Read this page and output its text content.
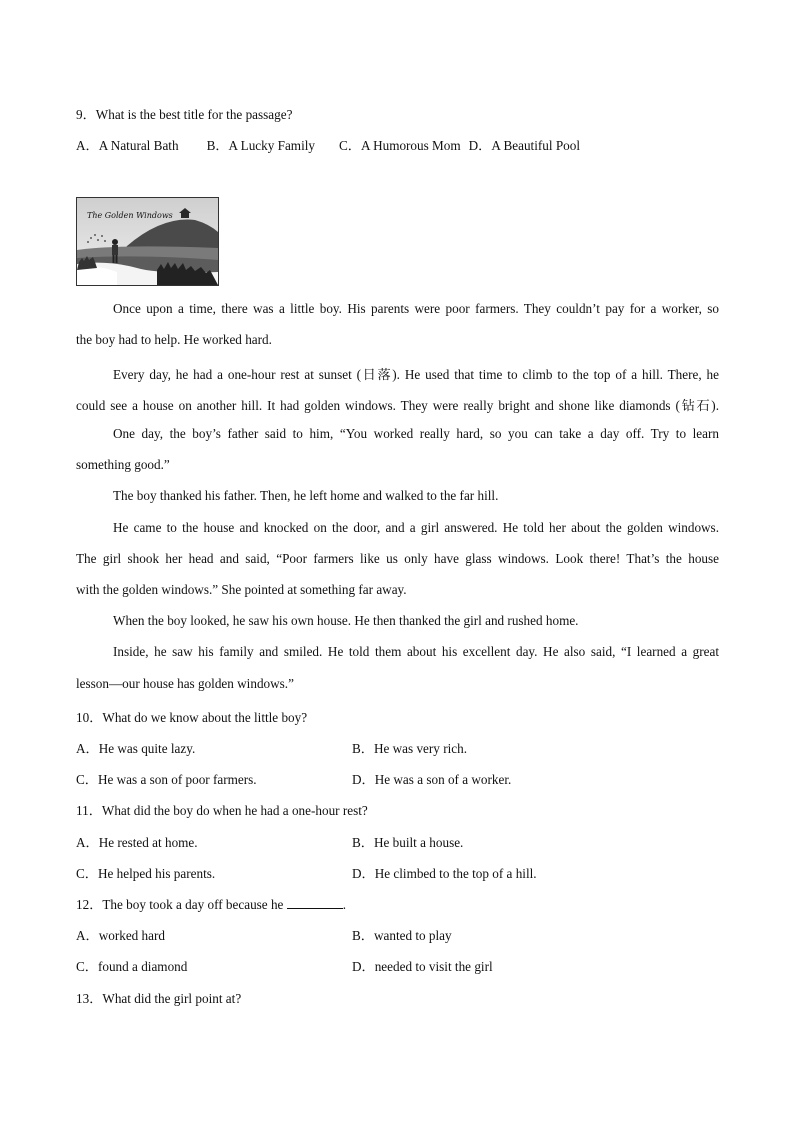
9．What is the best title for the passage?
A．A Natural Bath B．A Lucky Family C．A Humorous Mom D．A Beautiful Pool
The Golden Windows
Once upon a time, there was a little boy. His parents were poor farmers. They couldn’t pay for a worker, so
the boy had to help. He worked hard.
Every day, he had a one-hour rest at sunset (日落). He used that time to climb to the top of a hill. There, he
could see a house on another hill. It had golden windows. They were really bright and shone like diamonds (钻石).
One day, the boy’s father said to him, “You worked really hard, so you can take a day off. Try to learn
something good.”
The boy thanked his father. Then, he left home and walked to the far hill.
He came to the house and knocked on the door, and a girl answered. He told her about the golden windows.
The girl shook her head and said, “Poor farmers like us only have glass windows. Look there! That’s the house
with the golden windows.” She pointed at something far away.
When the boy looked, he saw his own house. He then thanked the girl and rushed home.
Inside, he saw his family and smiled. He told them about his excellent day. He also said, “I learned a great
lesson—our house has golden windows.”
10．What do we know about the little boy?
A．He was quite lazy.	B．He was very rich.
C．He was a son of poor farmers.	D．He was a son of a worker.
11．What did the boy do when he had a one-hour rest?
A．He rested at home.	B．He built a house.
C．He helped his parents.	D．He climbed to the top of a hill.
12．The boy took a day off because he	.
A．worked hard	B．wanted to play
C．found a diamond	D．needed to visit the girl
13．What did the girl point at?
